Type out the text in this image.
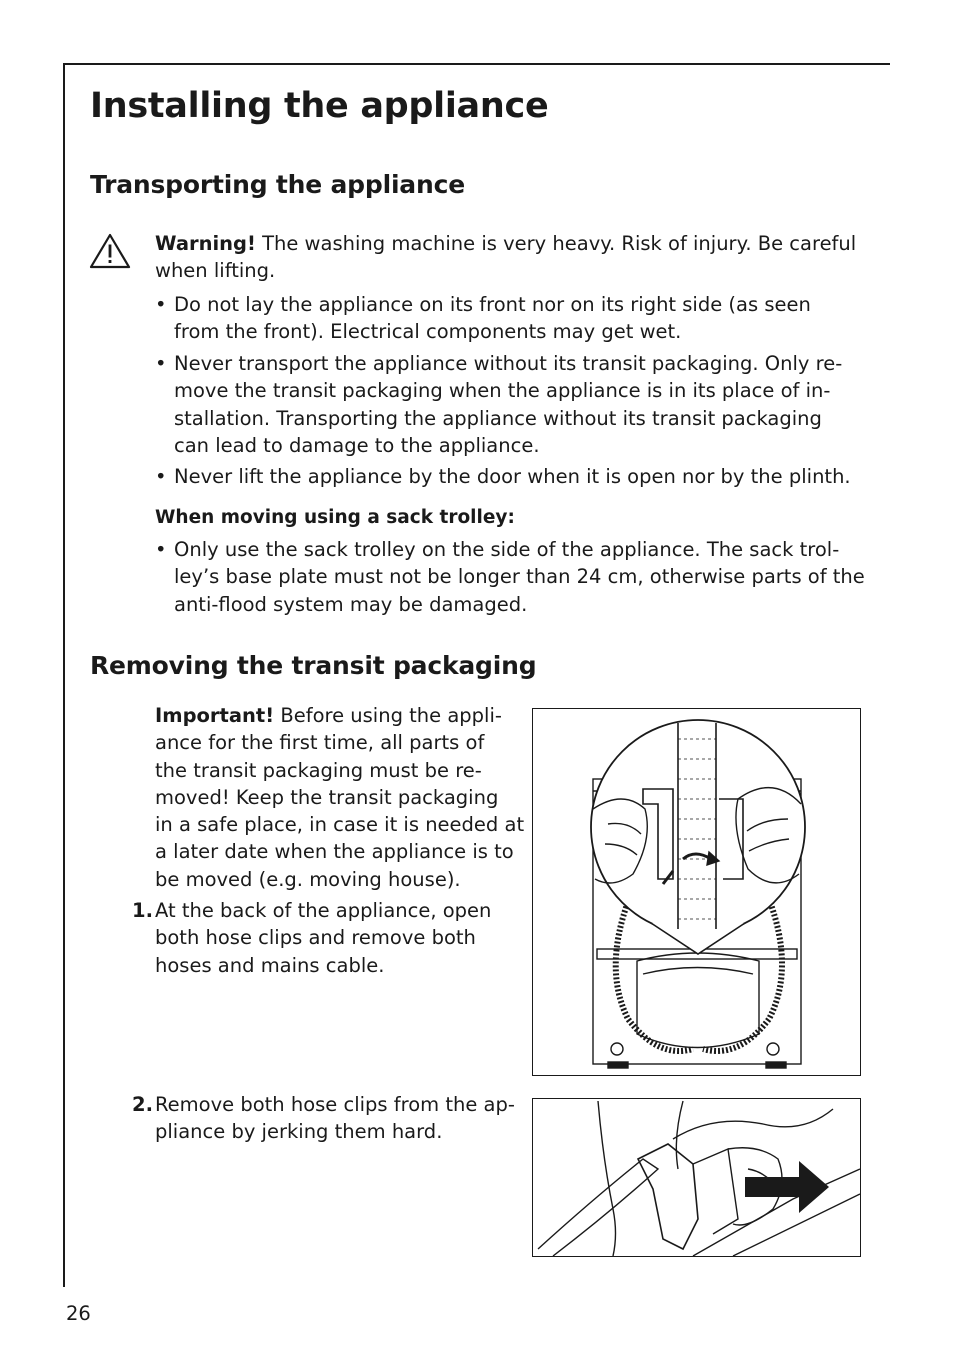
Installing the appliance
Transporting the appliance
Warning! The washing machine is very heavy. Risk of injury. Be careful
when lifting.
• Do not lay the appliance on its front nor on its right side (as seen
from the front). Electrical components may get wet.
• Never transport the appliance without its transit packaging. Only re-
move the transit packaging when the appliance is in its place of in-
stallation. Transporting the appliance without its transit packaging
can lead to damage to the appliance.
• Never lift the appliance by the door when it is open nor by the plinth.
When moving using a sack trolley:
• Only use the sack trolley on the side of the appliance. The sack trol-
ley’s base plate must not be longer than 24 cm, otherwise parts of the
anti-flood system may be damaged.
Removing the transit packaging
Important! Before using the appli-
ance for the first time, all parts of
the transit packaging must be re-
moved! Keep the transit packaging
in a safe place, in case it is needed at
a later date when the appliance is to
be moved (e.g. moving house).
1. At the back of the appliance, open
both hose clips and remove both
hoses and mains cable.
2. Remove both hose clips from the ap-
pliance by jerking them hard.
26
